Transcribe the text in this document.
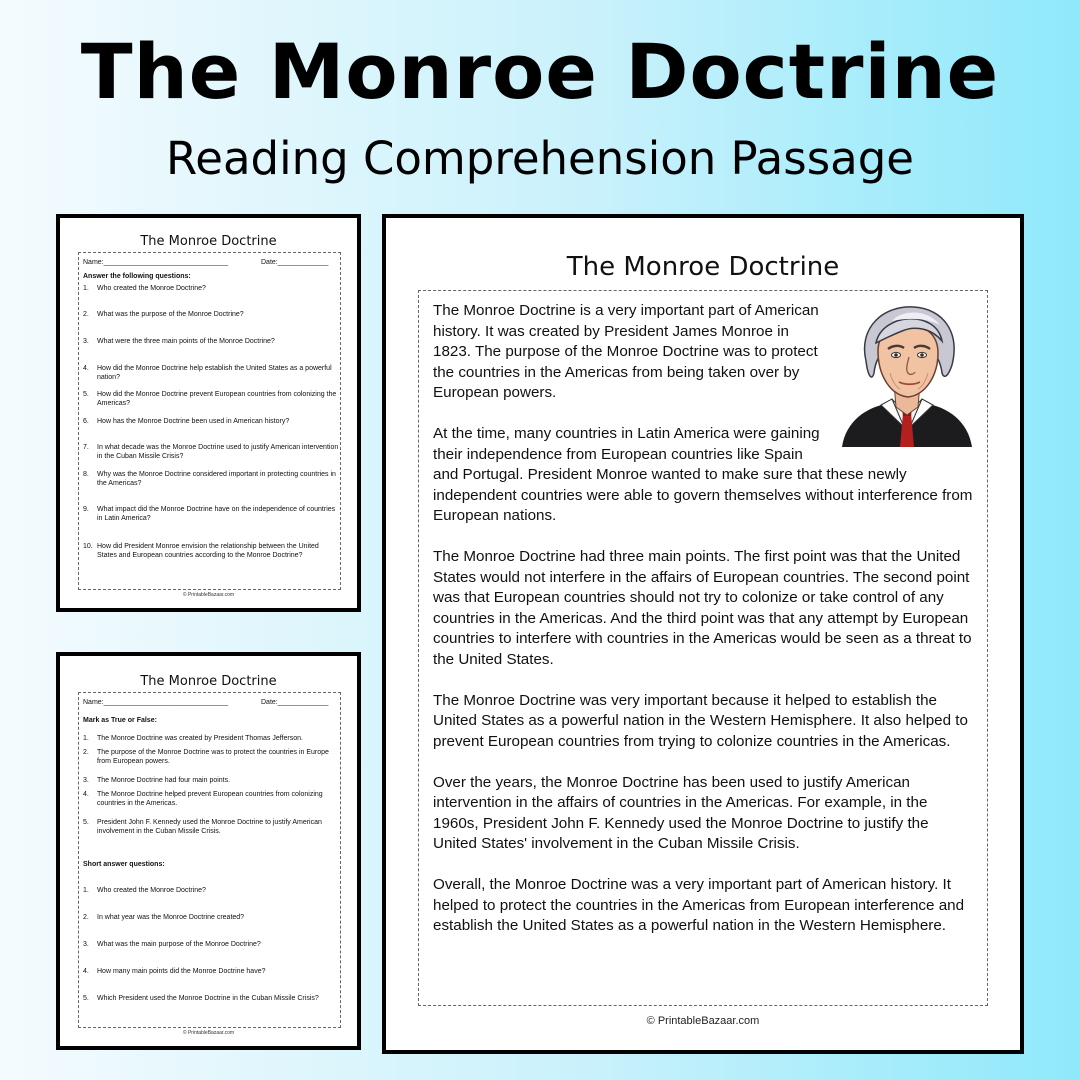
The Monroe Doctrine
Reading Comprehension Passage
The Monroe Doctrine
Name:________________________________	Date:_____________
Answer the following questions:
1. Who created the Monroe Doctrine?
2. What was the purpose of the Monroe Doctrine?
3. What were the three main points of the Monroe Doctrine?
4. How did the Monroe Doctrine help establish the United States as a powerful nation?
5. How did the Monroe Doctrine prevent European countries from colonizing the Americas?
6. How has the Monroe Doctrine been used in American history?
7. In what decade was the Monroe Doctrine used to justify American intervention in the Cuban Missile Crisis?
8. Why was the Monroe Doctrine considered important in protecting countries in the Americas?
9. What impact did the Monroe Doctrine have on the independence of countries in Latin America?
10. How did President Monroe envision the relationship between the United States and European countries according to the Monroe Doctrine?
© PrintableBazaar.com
The Monroe Doctrine
Name:________________________________	Date:_____________
Mark as True or False:
1. The Monroe Doctrine was created by President Thomas Jefferson.
2. The purpose of the Monroe Doctrine was to protect the countries in Europe from European powers.
3. The Monroe Doctrine had four main points.
4. The Monroe Doctrine helped prevent European countries from colonizing countries in the Americas.
5. President John F. Kennedy used the Monroe Doctrine to justify American involvement in the Cuban Missile Crisis.
Short answer questions:
1. Who created the Monroe Doctrine?
2. In what year was the Monroe Doctrine created?
3. What was the main purpose of the Monroe Doctrine?
4. How many main points did the Monroe Doctrine have?
5. Which President used the Monroe Doctrine in the Cuban Missile Crisis?
© PrintableBazaar.com
The Monroe Doctrine

The Monroe Doctrine is a very important part of American history. It was created by President James Monroe in 1823. The purpose of the Monroe Doctrine was to protect the countries in the Americas from being taken over by European powers.

At the time, many countries in Latin America were gaining their independence from European countries like Spain and Portugal. President Monroe wanted to make sure that these newly independent countries were able to govern themselves without interference from European nations.

The Monroe Doctrine had three main points. The first point was that the United States would not interfere in the affairs of European countries. The second point was that European countries should not try to colonize or take control of any countries in the Americas. And the third point was that any attempt by European countries to interfere with countries in the Americas would be seen as a threat to the United States.

The Monroe Doctrine was very important because it helped to establish the United States as a powerful nation in the Western Hemisphere. It also helped to prevent European countries from trying to colonize countries in the Americas.

Over the years, the Monroe Doctrine has been used to justify American intervention in the affairs of countries in the Americas. For example, in the 1960s, President John F. Kennedy used the Monroe Doctrine to justify the United States' involvement in the Cuban Missile Crisis.

Overall, the Monroe Doctrine was a very important part of American history. It helped to protect the countries in the Americas from European interference and establish the United States as a powerful nation in the Western Hemisphere.

© PrintableBazaar.com
